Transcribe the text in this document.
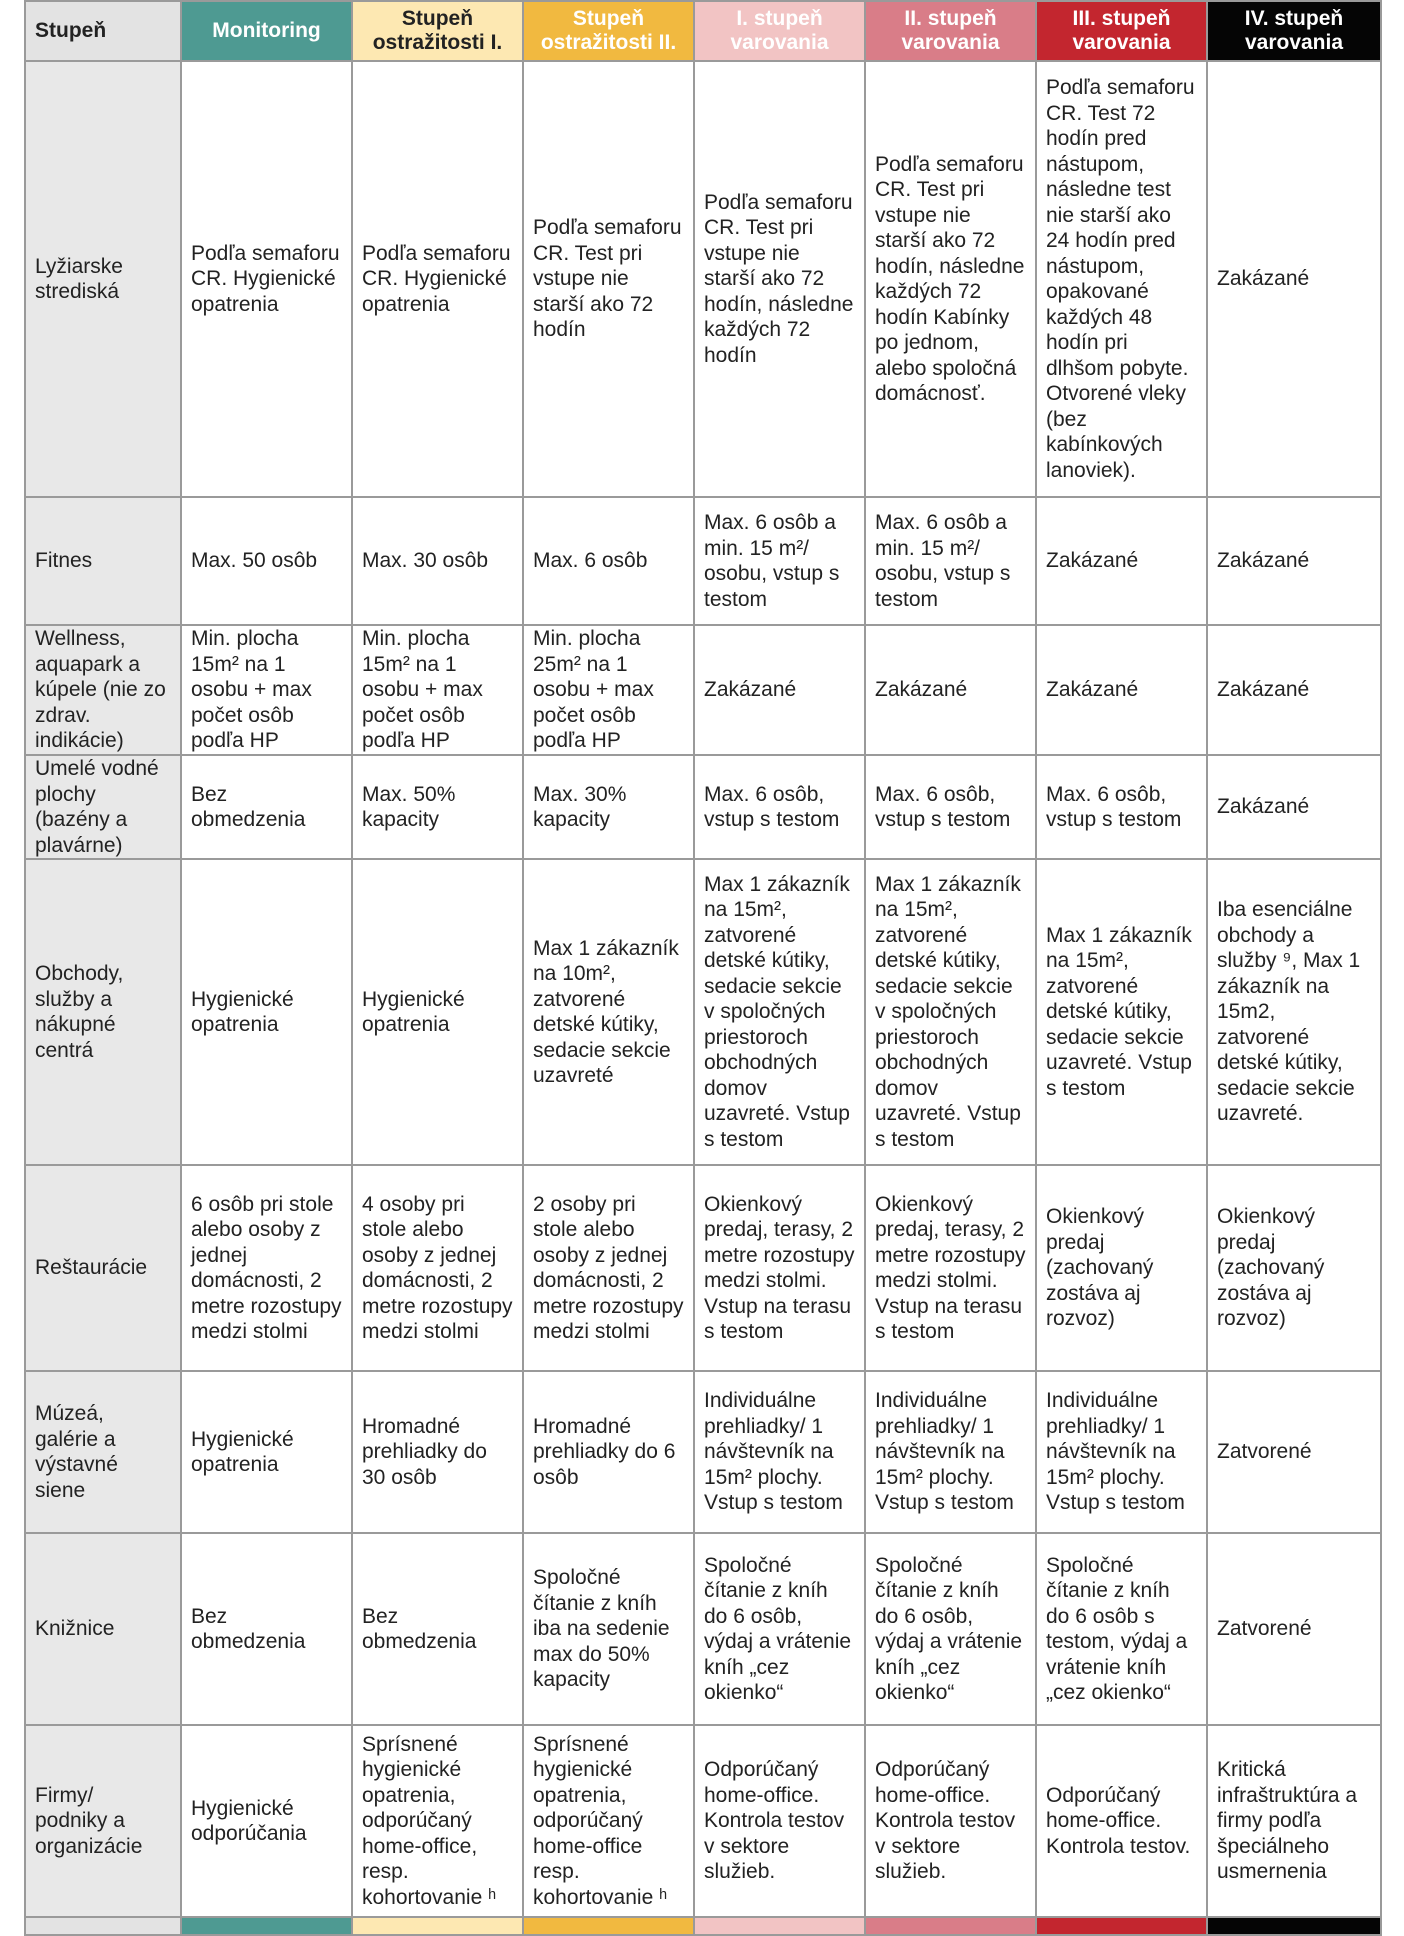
Stupeň	Monitoring	Stupeň ostražitosti I.	Stupeň ostražitosti II.	I. stupeň varovania	II. stupeň varovania	III. stupeň varovania	IV. stupeň varovania
Lyžiarske strediská	Podľa semaforu CR. Hygienické opatrenia	Podľa semaforu CR. Hygienické opatrenia	Podľa semaforu CR. Test pri vstupe nie starší ako 72 hodín	Podľa semaforu CR. Test pri vstupe nie starší ako 72 hodín, následne každých 72 hodín	Podľa semaforu CR. Test pri vstupe nie starší ako 72 hodín, následne každých 72 hodín Kabínky po jednom, alebo spoločná domácnosť.	Podľa semaforu CR. Test 72 hodín pred nástupom, následne test nie starší ako 24 hodín pred nástupom, opakované každých 48 hodín pri dlhšom pobyte. Otvorené vleky (bez kabínkových lanoviek).	Zakázané
Fitnes	Max. 50 osôb	Max. 30 osôb	Max. 6 osôb	Max. 6 osôb a min. 15 m²/ osobu, vstup s testom	Max. 6 osôb a min. 15 m²/ osobu, vstup s testom	Zakázané	Zakázané
Wellness, aquapark a kúpele (nie zo zdrav. indikácie)	Min. plocha 15m² na 1 osobu + max počet osôb podľa HP	Min. plocha 15m² na 1 osobu + max počet osôb podľa HP	Min. plocha 25m² na 1 osobu + max počet osôb podľa HP	Zakázané	Zakázané	Zakázané	Zakázané
Umelé vodné plochy (bazény a plavárne)	Bez obmedzenia	Max. 50% kapacity	Max. 30% kapacity	Max. 6 osôb, vstup s testom	Max. 6 osôb, vstup s testom	Max. 6 osôb, vstup s testom	Zakázané
Obchody, služby a nákupné centrá	Hygienické opatrenia	Hygienické opatrenia	Max 1 zákazník na 10m², zatvorené detské kútiky, sedacie sekcie uzavreté	Max 1 zákazník na 15m², zatvorené detské kútiky, sedacie sekcie v spoločných priestoroch obchodných domov uzavreté. Vstup s testom	Max 1 zákazník na 15m², zatvorené detské kútiky, sedacie sekcie v spoločných priestoroch obchodných domov uzavreté. Vstup s testom	Max 1 zákazník na 15m², zatvorené detské kútiky, sedacie sekcie uzavreté. Vstup s testom	Iba esenciálne obchody a služby ⁹, Max 1 zákazník na 15m2, zatvorené detské kútiky, sedacie sekcie uzavreté.
Reštaurácie	6 osôb pri stole alebo osoby z jednej domácnosti, 2 metre rozostupy medzi stolmi	4 osoby pri stole alebo osoby z jednej domácnosti, 2 metre rozostupy medzi stolmi	2 osoby pri stole alebo osoby z jednej domácnosti, 2 metre rozostupy medzi stolmi	Okienkový predaj, terasy, 2 metre rozostupy medzi stolmi. Vstup na terasu s testom	Okienkový predaj, terasy, 2 metre rozostupy medzi stolmi. Vstup na terasu s testom	Okienkový predaj (zachovaný zostáva aj rozvoz)	Okienkový predaj (zachovaný zostáva aj rozvoz)
Múzeá, galérie a výstavné siene	Hygienické opatrenia	Hromadné prehliadky do 30 osôb	Hromadné prehliadky do 6 osôb	Individuálne prehliadky/ 1 návštevník na 15m² plochy. Vstup s testom	Individuálne prehliadky/ 1 návštevník na 15m² plochy. Vstup s testom	Individuálne prehliadky/ 1 návštevník na 15m² plochy. Vstup s testom	Zatvorené
Knižnice	Bez obmedzenia	Bez obmedzenia	Spoločné čítanie z kníh iba na sedenie max do 50% kapacity	Spoločné čítanie z kníh do 6 osôb, výdaj a vrátenie kníh „cez okienko“	Spoločné čítanie z kníh do 6 osôb, výdaj a vrátenie kníh „cez okienko“	Spoločné čítanie z kníh do 6 osôb s testom, výdaj a vrátenie kníh „cez okienko“	Zatvorené
Firmy/ podniky a organizácie	Hygienické odporúčania	Sprísnené hygienické opatrenia, odporúčaný home-office, resp. kohortovanie ʰ	Sprísnené hygienické opatrenia, odporúčaný home-office resp. kohortovanie ʰ	Odporúčaný home-office. Kontrola testov v sektore služieb.	Odporúčaný home-office. Kontrola testov v sektore služieb.	Odporúčaný home-office. Kontrola testov.	Kritická infraštruktúra a firmy podľa špeciálneho usmernenia
